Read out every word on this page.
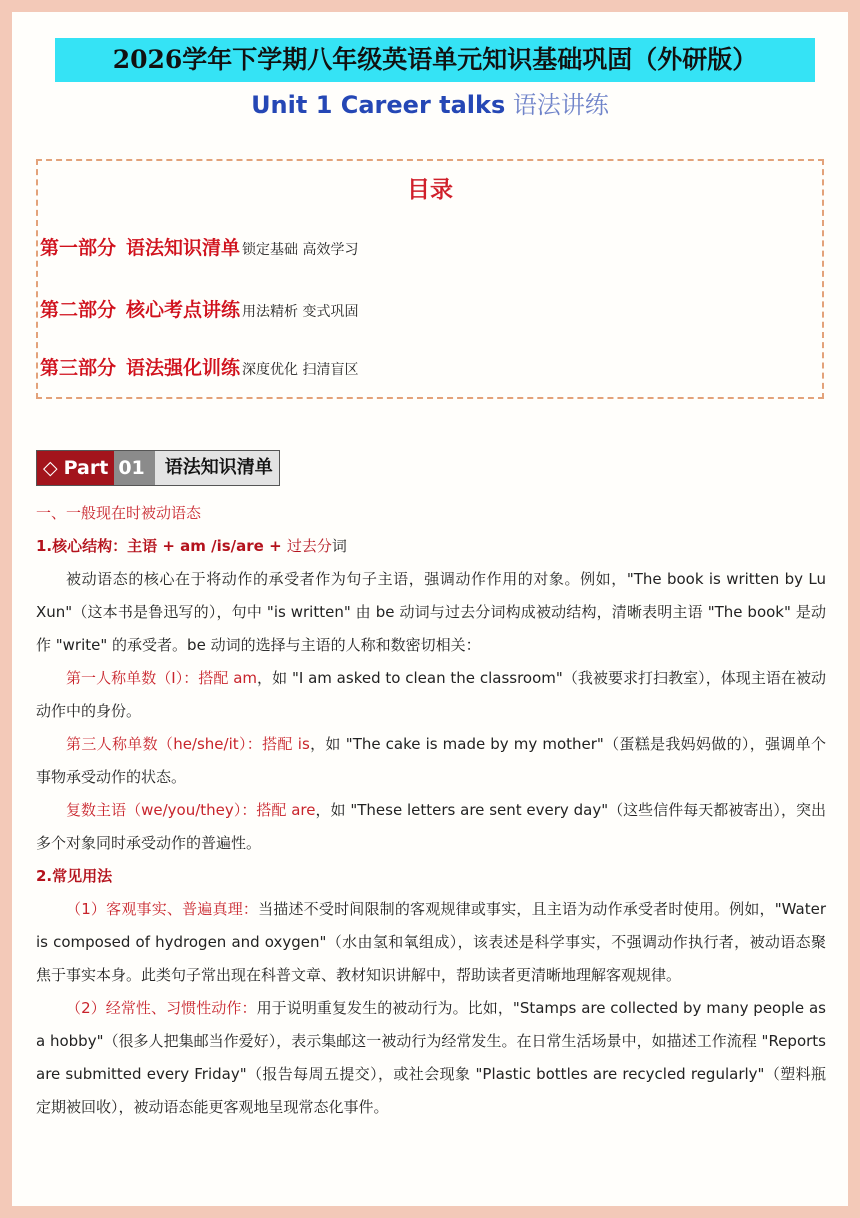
2026学年下学期八年级英语单元知识基础巩固（外研版）
Unit 1 Career talks 语法讲练
目录
第一部分 语法知识清单 锁定基础 高效学习
第二部分 核心考点讲练 用法精析 变式巩固
第三部分 语法强化训练 深度优化 扫清盲区
◇ Part 01	语法知识清单
一、一般现在时被动语态
1.核心结构：主语 + am /is/are + 过去分词

被动语态的核心在于将动作的承受者作为句子主语，强调动作作用的对象。例如，"The book is written by Lu Xun"（这本书是鲁迅写的），句中 "is written" 由 be 动词与过去分词构成被动结构，清晰表明主语 "The book" 是动作 "write" 的承受者。be 动词的选择与主语的人称和数密切相关：

第一人称单数（I）：搭配 am，如 "I am asked to clean the classroom"（我被要求打扫教室），体现主语在被动动作中的身份。

第三人称单数（he/she/it）：搭配 is，如 "The cake is made by my mother"（蛋糕是我妈妈做的），强调单个事物承受动作的状态。

复数主语（we/you/they）：搭配 are，如 "These letters are sent every day"（这些信件每天都被寄出），突出多个对象同时承受动作的普遍性。

2.常见用法

（1）客观事实、普遍真理：当描述不受时间限制的客观规律或事实，且主语为动作承受者时使用。例如，"Water is composed of hydrogen and oxygen"（水由氢和氧组成），该表述是科学事实，不强调动作执行者，被动语态聚焦于事实本身。此类句子常出现在科普文章、教材知识讲解中，帮助读者更清晰地理解客观规律。

（2）经常性、习惯性动作：用于说明重复发生的被动行为。比如，"Stamps are collected by many people as a hobby"（很多人把集邮当作爱好），表示集邮这一被动行为经常发生。在日常生活场景中，如描述工作流程 "Reports are submitted every Friday"（报告每周五提交），或社会现象 "Plastic bottles are recycled regularly"（塑料瓶定期被回收），被动语态能更客观地呈现常态化事件。
